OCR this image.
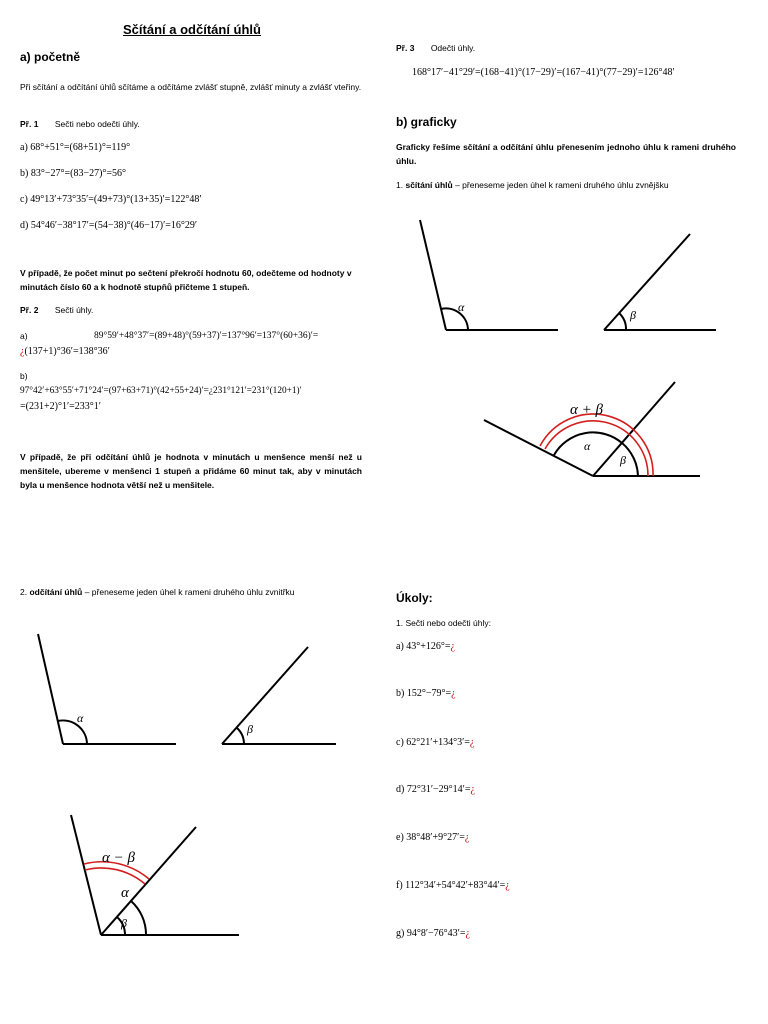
Sčítání a odčítání úhlů
a) početně
Při sčítání a odčítání úhlů sčítáme a odčítáme zvlášť stupně, zvlášť minuty a zvlášť vteřiny.
Př. 1 Sečti nebo odečti úhly.
a) 68°+51°=(68+51)°=119°
b) 83°−27°=(83−27)°=56°
c) 49°13′+73°35′=(49+73)°(13+35)′=122°48′
d) 54°46′−38°17′=(54−38)°(46−17)′=16°29′
V případě, že počet minut po sečtení překročí hodnotu 60, odečteme od hodnoty v minutách číslo 60 a k hodnotě stupňů přičteme 1 stupeň.
Př. 2 Sečti úhly.
a)	89°59′+48°37′=(89+48)°(59+37)′=137°96′=137°(60+36)′=
¿(137+1)°36′=138°36′
b)
97°42′+63°55′+71°24′=(97+63+71)°(42+55+24)′=¿231°121′=231°(120+1)′
=(231+2)°1′=233°1′
V případě, že při odčítání úhlů je hodnota v minutách u menšence menší než u menšitele, ubereme v menšenci 1 stupeň a přidáme 60 minut tak, aby v minutách byla u menšence hodnota větší než u menšitele.
Př. 3 Odečti úhly.
168°17′−41°29′=(168−41)°(17−29)′=(167−41)°(77−29)′=126°48′
b) graficky
Graficky řešíme sčítání a odčítání úhlu přenesením jednoho úhlu k rameni druhého úhlu.
1. sčítání úhlů – přeneseme jeden úhel k rameni druhého úhlu zvnějšku
α
β
α + β
α
β
α
β
α − β
α
β
2. odčítání úhlů – přeneseme jeden úhel k rameni druhého úhlu zvnitřku	Úkoly:
1. Sečti nebo odečti úhly:
a) 43°+126°=¿
b) 152°−79°=¿
c) 62°21′+134°3′=¿
d) 72°31′−29°14′=¿
e) 38°48′+9°27′=¿
f) 112°34′+54°42′+83°44′=¿
g) 94°8′−76°43′=¿
